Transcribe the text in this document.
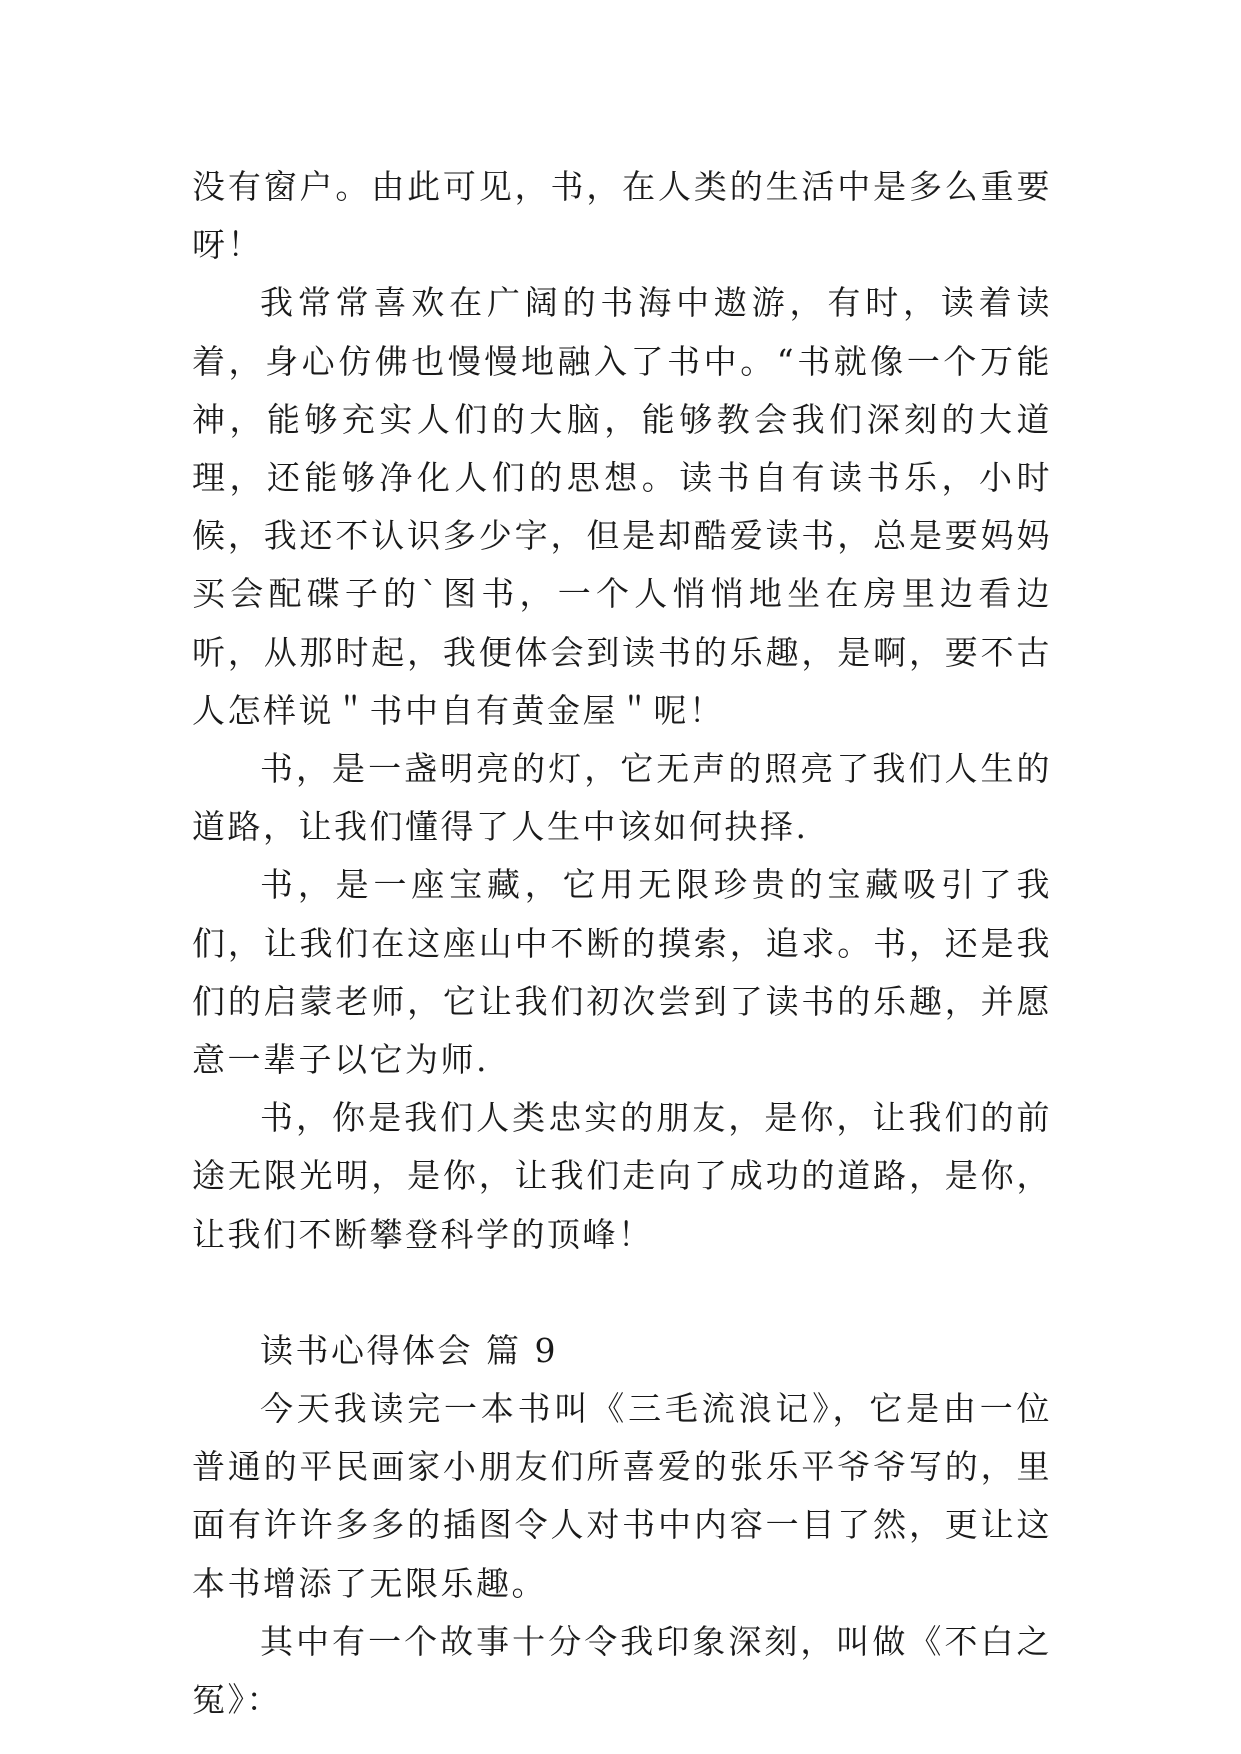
没有窗户。由此可见，书，在人类的生活中是多么重要呀！

我常常喜欢在广阔的书海中遨游，有时，读着读着，身心仿佛也慢慢地融入了书中。“书就像一个万能神，能够充实人们的大脑，能够教会我们深刻的大道理，还能够净化人们的思想。读书自有读书乐，小时候，我还不认识多少字，但是却酷爱读书，总是要妈妈买会配碟子的`图书，一个人悄悄地坐在房里边看边听，从那时起，我便体会到读书的乐趣，是啊，要不古人怎样说＂书中自有黄金屋＂呢！

书，是一盏明亮的灯，它无声的照亮了我们人生的道路，让我们懂得了人生中该如何抉择.

书，是一座宝藏，它用无限珍贵的宝藏吸引了我们，让我们在这座山中不断的摸索，追求。书，还是我们的启蒙老师，它让我们初次尝到了读书的乐趣，并愿意一辈子以它为师.

书，你是我们人类忠实的朋友，是你，让我们的前途无限光明，是你，让我们走向了成功的道路，是你，让我们不断攀登科学的顶峰！

读书心得体会 篇 9

今天我读完一本书叫《三毛流浪记》，它是由一位普通的平民画家小朋友们所喜爱的张乐平爷爷写的，里面有许许多多的插图令人对书中内容一目了然，更让这本书增添了无限乐趣。

其中有一个故事十分令我印象深刻，叫做《不白之冤》：
